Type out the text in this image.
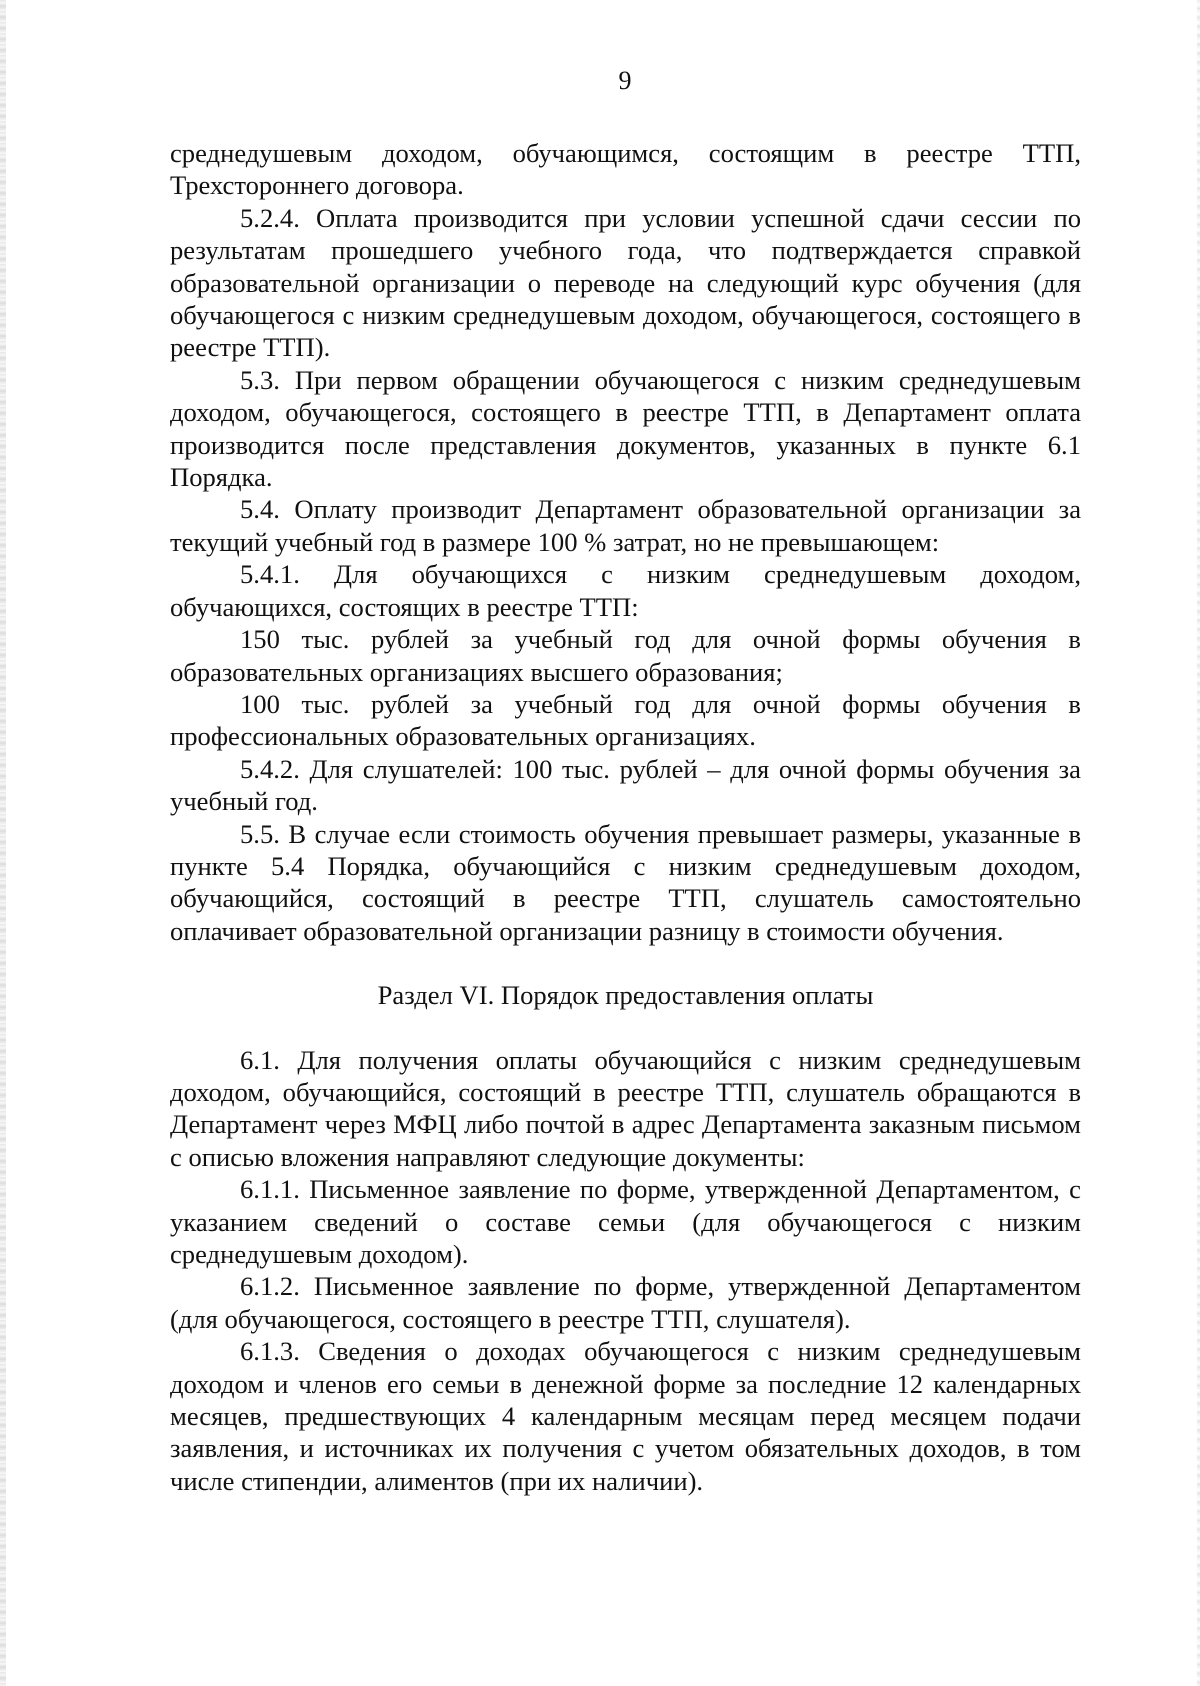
9

среднедушевым доходом, обучающимся, состоящим в реестре ТТП, Трехстороннего договора.

5.2.4. Оплата производится при условии успешной сдачи сессии по результатам прошедшего учебного года, что подтверждается справкой образовательной организации о переводе на следующий курс обучения (для обучающегося с низким среднедушевым доходом, обучающегося, состоящего в реестре ТТП).

5.3. При первом обращении обучающегося с низким среднедушевым доходом, обучающегося, состоящего в реестре ТТП, в Департамент оплата производится после представления документов, указанных в пункте 6.1 Порядка.

5.4. Оплату производит Департамент образовательной организации за текущий учебный год в размере 100 % затрат, но не превышающем:

5.4.1. Для обучающихся с низким среднедушевым доходом, обучающихся, состоящих в реестре ТТП:

150 тыс. рублей за учебный год для очной формы обучения в образовательных организациях высшего образования;

100 тыс. рублей за учебный год для очной формы обучения в профессиональных образовательных организациях.

5.4.2. Для слушателей: 100 тыс. рублей – для очной формы обучения за учебный год.

5.5. В случае если стоимость обучения превышает размеры, указанные в пункте 5.4 Порядка, обучающийся с низким среднедушевым доходом, обучающийся, состоящий в реестре ТТП, слушатель самостоятельно оплачивает образовательной организации разницу в стоимости обучения.

Раздел VI. Порядок предоставления оплаты

6.1. Для получения оплаты обучающийся с низким среднедушевым доходом, обучающийся, состоящий в реестре ТТП, слушатель обращаются в Департамент через МФЦ либо почтой в адрес Департамента заказным письмом с описью вложения направляют следующие документы:

6.1.1. Письменное заявление по форме, утвержденной Департаментом, с указанием сведений о составе семьи (для обучающегося с низким среднедушевым доходом).

6.1.2. Письменное заявление по форме, утвержденной Департаментом (для обучающегося, состоящего в реестре ТТП, слушателя).

6.1.3. Сведения о доходах обучающегося с низким среднедушевым доходом и членов его семьи в денежной форме за последние 12 календарных месяцев, предшествующих 4 календарным месяцам перед месяцем подачи заявления, и источниках их получения с учетом обязательных доходов, в том числе стипендии, алиментов (при их наличии).
